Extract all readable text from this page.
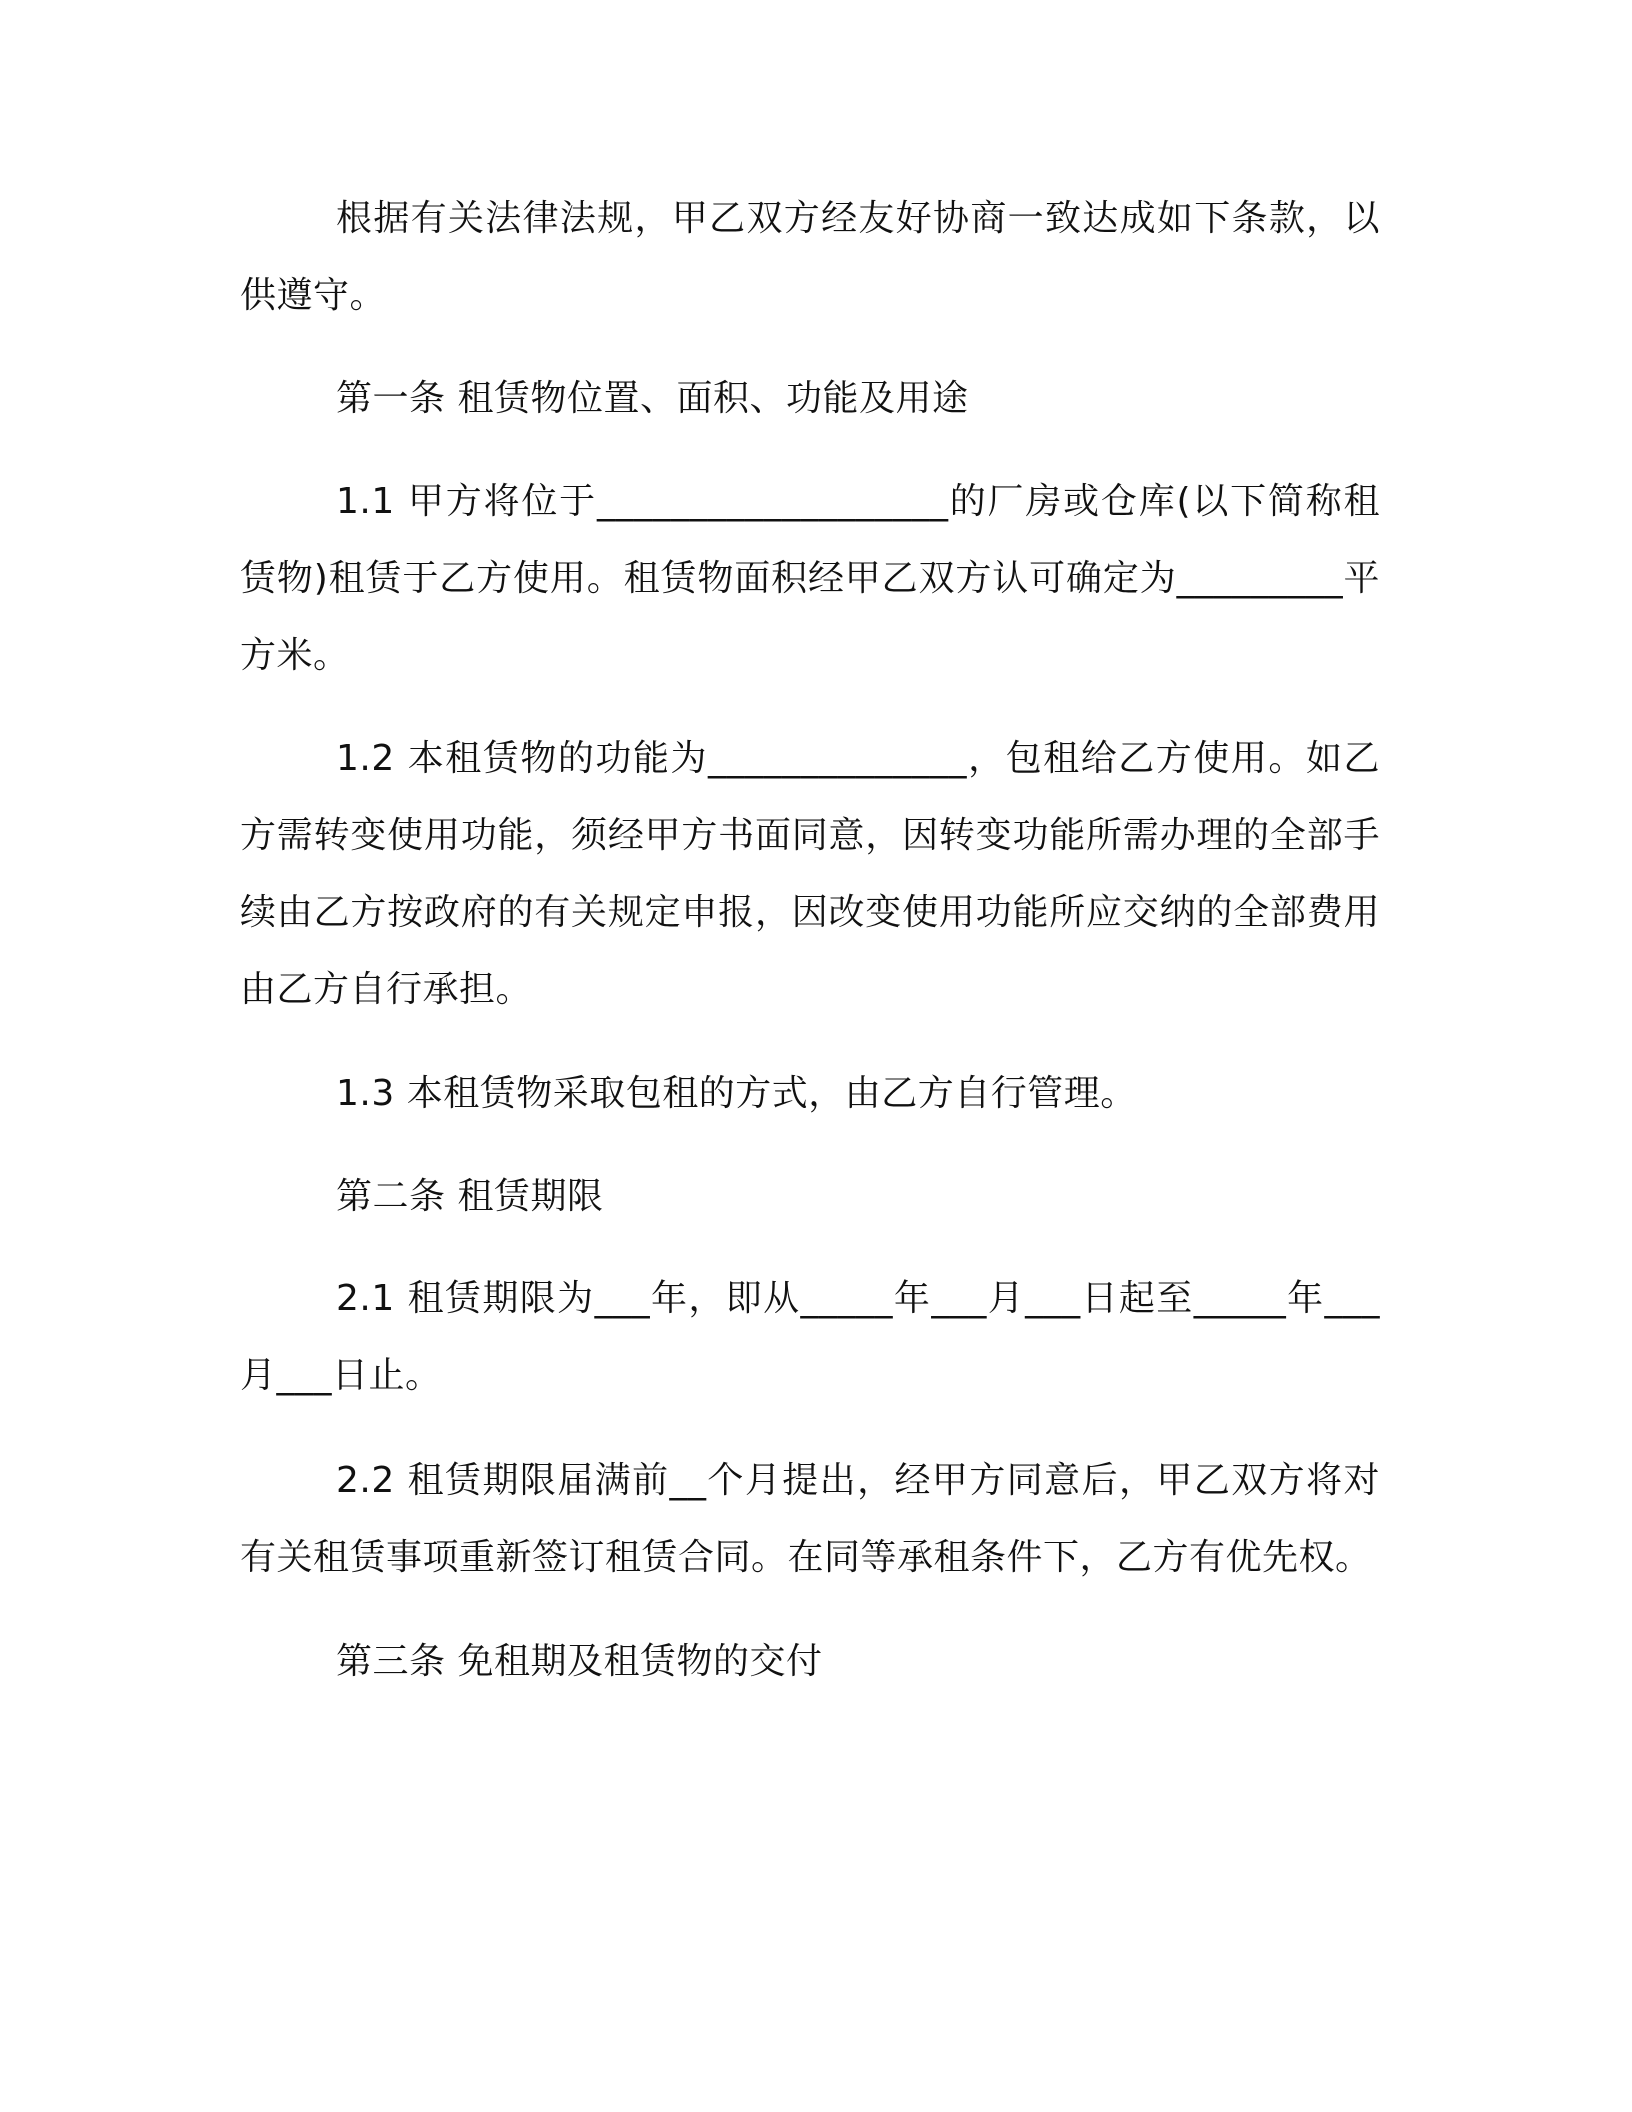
根据有关法律法规，甲乙双方经友好协商一致达成如下条款，以供遵守。

第一条 租赁物位置、面积、功能及用途

1.1 甲方将位于___________________的厂房或仓库(以下简称租赁物)租赁于乙方使用。租赁物面积经甲乙双方认可确定为_________平方米。

1.2 本租赁物的功能为______________，包租给乙方使用。如乙方需转变使用功能，须经甲方书面同意，因转变功能所需办理的全部手续由乙方按政府的有关规定申报，因改变使用功能所应交纳的全部费用由乙方自行承担。

1.3 本租赁物采取包租的方式，由乙方自行管理。

第二条 租赁期限

2.1 租赁期限为___年，即从_____年___月___日起至_____年___月___日止。

2.2 租赁期限届满前__个月提出，经甲方同意后，甲乙双方将对有关租赁事项重新签订租赁合同。在同等承租条件下，乙方有优先权。

第三条 免租期及租赁物的交付
